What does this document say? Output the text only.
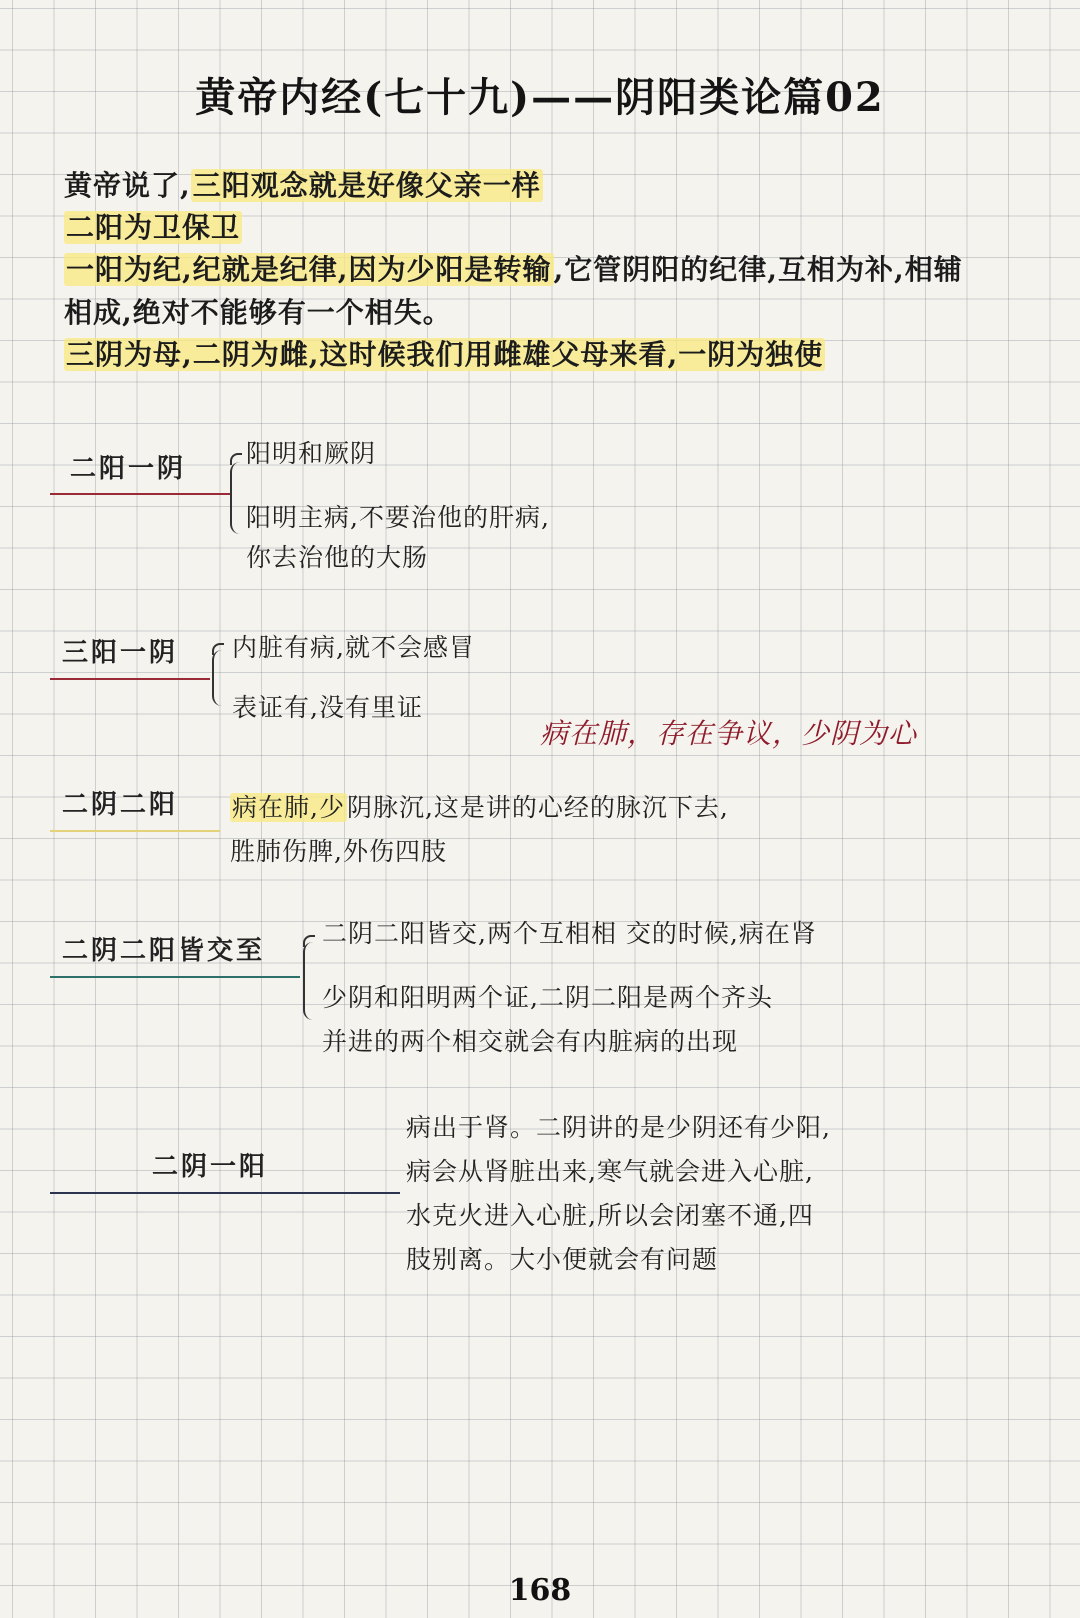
黄帝内经(七十九)——阴阳类论篇02
黄帝说了,三阳观念就是好像父亲一样
二阳为卫保卫
一阳为纪,纪就是纪律,因为少阳是转输,它管阴阳的纪律,互相为补,相辅
相成,绝对不能够有一个相失。
三阴为母,二阴为雌,这时候我们用雌雄父母来看,一阴为独使
二阳一阴
阳明和厥阴
阳明主病,不要治他的肝病,
你去治他的大肠
三阳一阴 内脏有病,就不会感冒
表证有,没有里证
病在肺，存在争议，少阴为心
二阴二阳 病在肺,少阴脉沉,这是讲的心经的脉沉下去,
胜肺伤脾,外伤四肢
二阴二阳皆交至
二阴二阳皆交,两个互相相 交的时候,病在肾
少阴和阳明两个证,二阴二阳是两个齐头
并进的两个相交就会有内脏病的出现
二阴一阳
病出于肾。二阴讲的是少阴还有少阳,
病会从肾脏出来,寒气就会进入心脏,
水克火进入心脏,所以会闭塞不通,四
肢别离。大小便就会有问题
168
